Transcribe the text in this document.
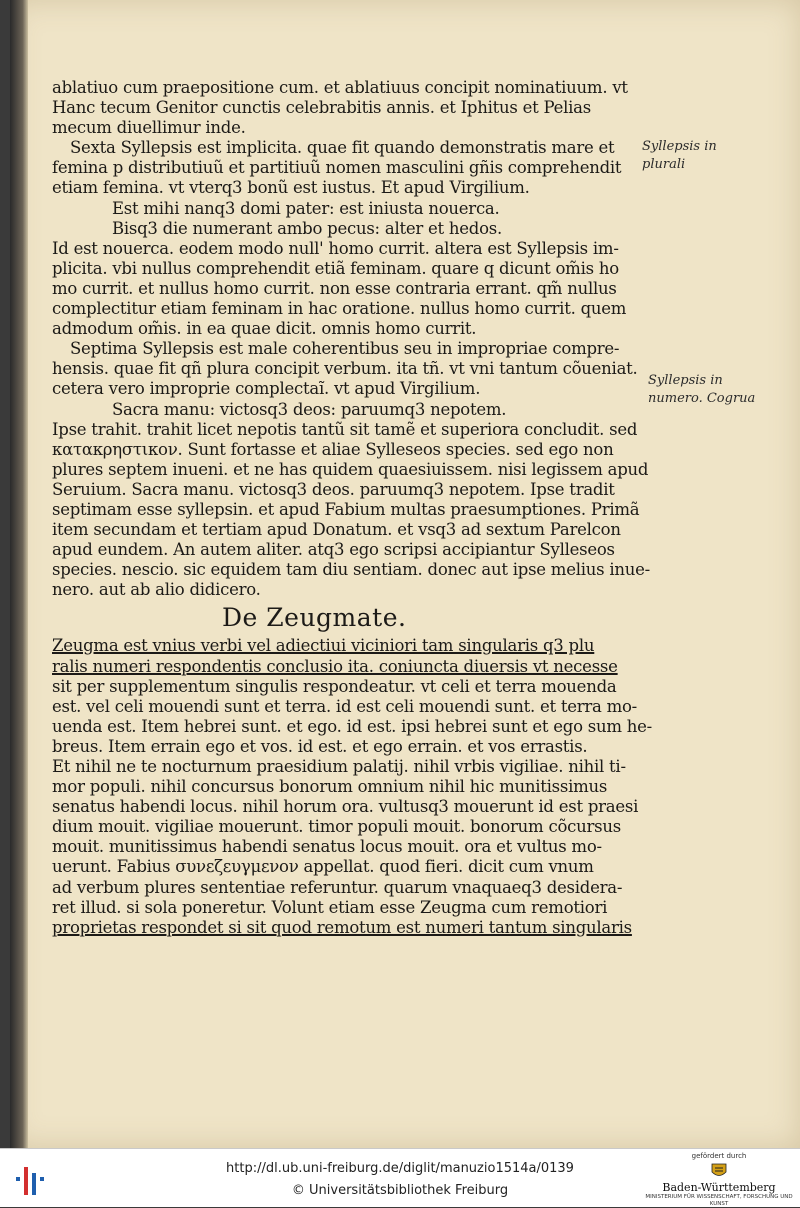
ablatiuo cum praepositione cum. et ablatiuus concipit nominatiuum. vt
Hanc tecum Genitor cunctis celebrabitis annis. et Iphitus et Pelias
mecum diuellimur inde.
Sexta Syllepsis est implicita. quae fit quando demonstratis mare et
femina p distributiuũ et partitiuũ nomen masculini gñis comprehendit
etiam femina. vt vterq3 bonũ est iustus. Et apud Virgilium.
Est mihi nanq3 domi pater: est iniusta nouerca.
Bisq3 die numerant ambo pecus: alter et hedos.
Id est nouerca. eodem modo null' homo currit. altera est Syllepsis im-
plicita. vbi nullus comprehendit etiã feminam. quare q dicunt om̃is ho
mo currit. et nullus homo currit. non esse contraria errant. qm̃ nullus
complectitur etiam feminam in hac oratione. nullus homo currit. quem
admodum om̃is. in ea quae dicit. omnis homo currit.
Septima Syllepsis est male coherentibus seu in impropriae compre-
hensis. quae fit qñ plura concipit verbum. ita tñ. vt vni tantum cõueniat.
cetera vero improprie complectaĩ. vt apud Virgilium.
Sacra manu: victosq3 deos: paruumq3 nepotem.
Ipse trahit. trahit licet nepotis tantũ sit tamẽ et superiora concludit. sed
κατακρηστικον. Sunt fortasse et aliae Sylleseos species. sed ego non
plures septem inueni. et ne has quidem quaesiuissem. nisi legissem apud
Seruium. Sacra manu. victosq3 deos. paruumq3 nepotem. Ipse tradit
septimam esse syllepsin. et apud Fabium multas praesumptiones. Primã
item secundam et tertiam apud Donatum. et vsq3 ad sextum Parelcon
apud eundem. An autem aliter. atq3 ego scripsi accipiantur Sylleseos
species. nescio. sic equidem tam diu sentiam. donec aut ipse melius inue-
nero. aut ab alio didicero.
De Zeugmate.
Zeugma est vnius verbi vel adiectiui viciniori tam singularis q3 plu
ralis numeri respondentis conclusio ita. coniuncta diuersis vt necesse
sit per supplementum singulis respondeatur. vt celi et terra mouenda
est. vel celi mouendi sunt et terra. id est celi mouendi sunt. et terra mo-
uenda est. Item hebrei sunt. et ego. id est. ipsi hebrei sunt et ego sum he-
breus. Item errain ego et vos. id est. et ego errain. et vos errastis.
Et nihil ne te nocturnum praesidium palatij. nihil vrbis vigiliae. nihil ti-
mor populi. nihil concursus bonorum omnium nihil hic munitissimus
senatus habendi locus. nihil horum ora. vultusq3 mouerunt id est praesi
dium mouit. vigiliae mouerunt. timor populi mouit. bonorum cõcursus
mouit. munitissimus habendi senatus locus mouit. ora et vultus mo-
uerunt. Fabius συνεζευγμενον appellat. quod fieri. dicit cum vnum
ad verbum plures sententiae referuntur. quarum vnaquaeq3 desidera-
ret illud. si sola poneretur. Volunt etiam esse Zeugma cum remotiori
proprietas respondet si sit quod remotum est numeri tantum singularis
Syllepsis in
plurali
Syllepsis in
numero. Cogrua
http://dl.ub.uni-freiburg.de/diglit/manuzio1514a/0139
© Universitätsbibliothek Freiburg
gefördert durch
Baden-Württemberg
MINISTERIUM FÜR WISSENSCHAFT, FORSCHUNG UND KUNST
